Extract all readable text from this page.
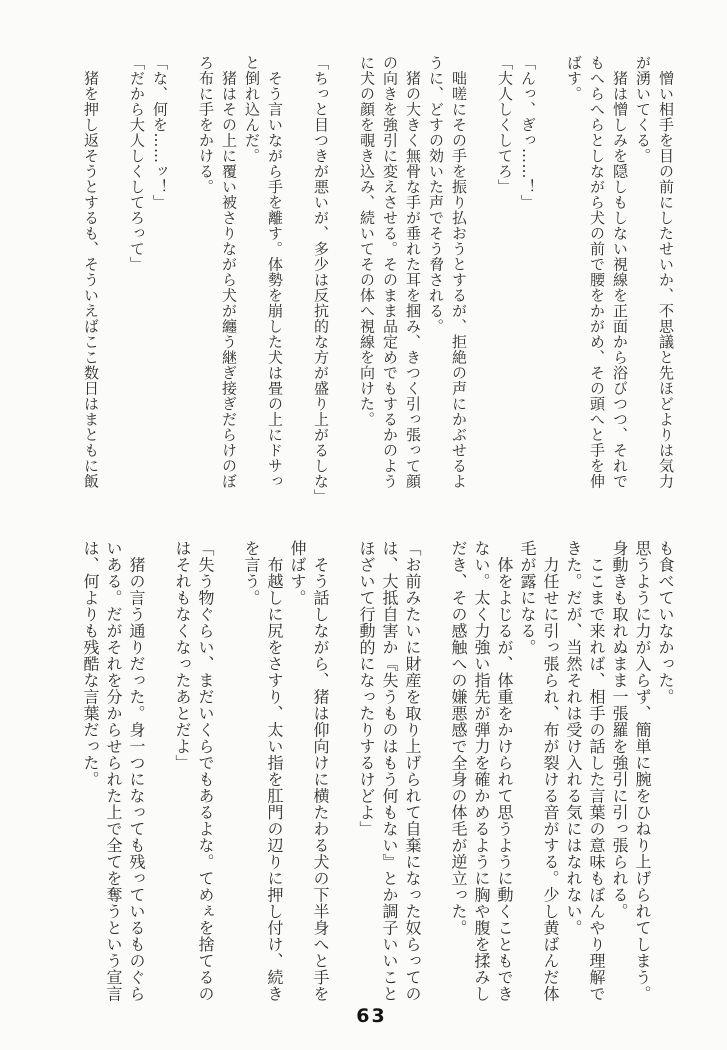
　憎い相手を目の前にしたせいか、不思議と先ほどよりは気力
が湧いてくる。
　猪は憎しみを隠しもしない視線を正面から浴びつつ、それで
もへらへらとしながら犬の前で腰をかがめ、その頭へと手を伸
ばす。
​
「んっ、ぎっ……！」
「大人しくしてろ」
​
　咄嗟にその手を振り払おうとするが、拒絶の声にかぶせるよ
うに、どすの効いた声でそう脅される。
　猪の大きく無骨な手が垂れた耳を掴み、きつく引っ張って顔
の向きを強引に変えさせる。そのまま品定めでもするかのよう
に犬の顔を覗き込み、続いてその体へ視線を向けた。
​
「ちっと目つきが悪いが、多少は反抗的な方が盛り上がるしな」
​
　そう言いながら手を離す。体勢を崩した犬は畳の上にドサっ
と倒れ込んだ。
　猪はその上に覆い被さりながら犬が纏う継ぎ接ぎだらけのぼ
ろ布に手をかける。
​
「な、何を……ッ！」
「だから大人しくしてろって」
​
　猪を押し返そうとするも、そういえばここ数日はまともに飯
も食べていなかった。
思うように力が入らず、簡単に腕をひねり上げられてしまう。
身動きも取れぬまま一張羅を強引に引っ張られる。
　ここまで来れば、相手の話した言葉の意味もぼんやり理解で
きた。だが、当然それは受け入れる気にはなれない。
　力任せに引っ張られ、布が裂ける音がする。少し黄ばんだ体
毛が露になる。
　体をよじるが、体重をかけられて思うように動くこともでき
ない。太く力強い指先が弾力を確かめるように胸や腹を揉みし
だき、その感触への嫌悪感で全身の体毛が逆立った。
​
「お前みたいに財産を取り上げられて自棄になった奴らっての
は、大抵自害か『失うものはもう何もない』とか調子いいこと
ほざいて行動的になったりするけどよ」
​
　そう話しながら、猪は仰向けに横たわる犬の下半身へと手を
伸ばす。
　布越しに尻をさすり、太い指を肛門の辺りに押し付け、続き
を言う。
​
「失う物ぐらい、まだいくらでもあるよな。てめぇを捨てるの
はそれもなくなったあとだよ」
​
　猪の言う通りだった。身一つになっても残っているものぐら
いある。だがそれを分からせられた上で全てを奪うという宣言
は、何よりも残酷な言葉だった。
63
